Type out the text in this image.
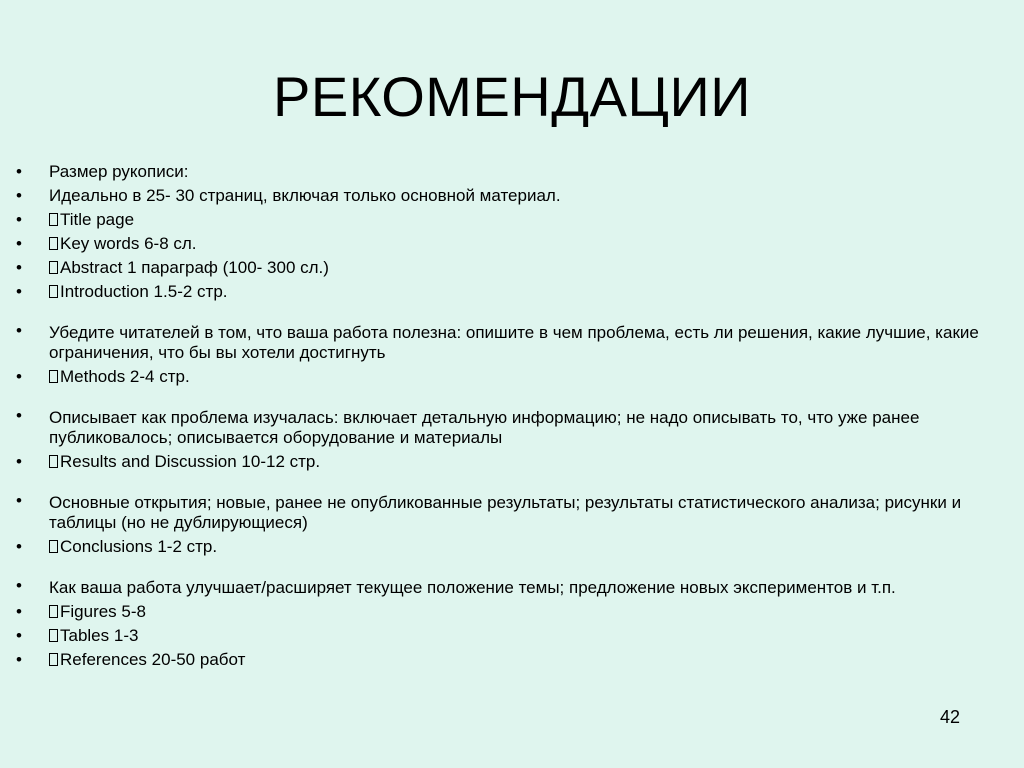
РЕКОМЕНДАЦИИ
•	Размер рукописи:
•	Идеально в 25- 30 страниц, включая только основной материал.
•	Title page
•	Key words 6-8 сл.
•	Abstract 1 параграф (100- 300 сл.)
•	Introduction 1.5-2 стр.
•	Убедите читателей в том, что ваша работа полезна: опишите в чем проблема, есть ли решения, какие лучшие, какие ограничения, что бы вы хотели достигнуть
•	Methods 2-4 стр.
•	Описывает как проблема изучалась: включает детальную информацию; не надо описывать то, что уже ранее публиковалось; описывается оборудование и материалы
•	Results and Discussion 10-12 стр.
•	Основные открытия; новые, ранее не опубликованные результаты; результаты статистического анализа; рисунки и таблицы (но не дублирующиеся)
•	Conclusions 1-2 стр.
•	Как ваша работа улучшает/расширяет текущее положение темы; предложение новых экспериментов и т.п.
•	Figures 5-8
•	Tables 1-3
•	References 20-50 работ
42
